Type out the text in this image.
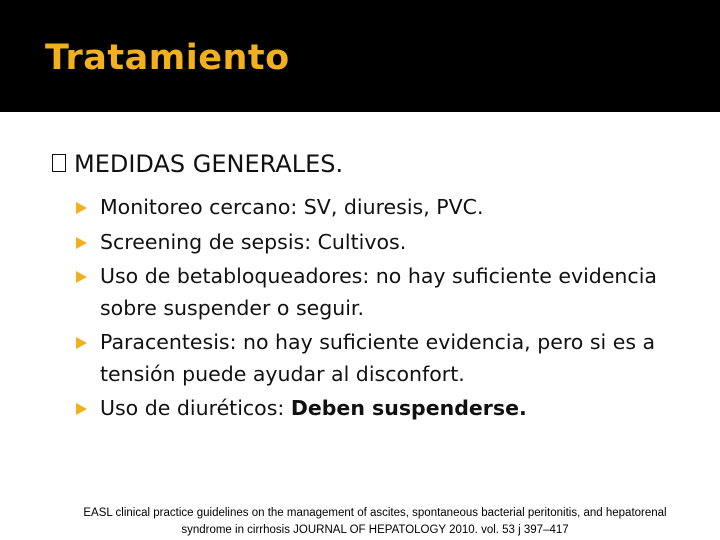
Tratamiento
MEDIDAS GENERALES.
Monitoreo cercano: SV, diuresis, PVC.
Screening de sepsis: Cultivos.
Uso de betabloqueadores: no hay suficiente evidencia sobre suspender o seguir.
Paracentesis: no hay suficiente evidencia, pero si es a tensión puede ayudar al disconfort.
Uso de diuréticos: Deben suspenderse.
EASL clinical practice guidelines on the management of ascites, spontaneous bacterial peritonitis, and hepatorenal
syndrome in cirrhosis JOURNAL OF HEPATOLOGY 2010. vol. 53 j 397–417
